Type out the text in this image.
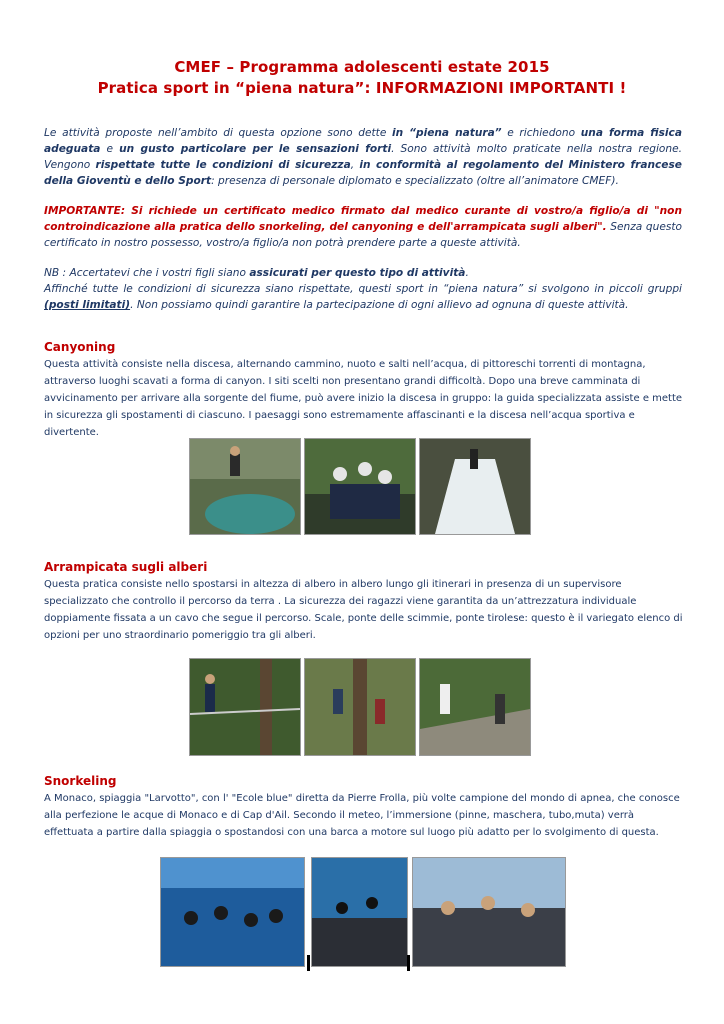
CMEF – Programma adolescenti estate 2015
Pratica sport in “piena natura”: INFORMAZIONI IMPORTANTI !
Le attività proposte nell’ambito di questa opzione sono dette in “piena natura” e richiedono una forma fisica adeguata e un gusto particolare per le sensazioni forti. Sono attività molto praticate nella nostra regione. Vengono rispettate tutte le condizioni di sicurezza, in conformità al regolamento del Ministero francese della Gioventù e dello Sport: presenza di personale diplomato e specializzato (oltre all’animatore CMEF).
IMPORTANTE: Si richiede un certificato medico firmato dal medico curante di vostro/a figlio/a di "non controindicazione alla pratica dello snorkeling, del canyoning e dell'arrampicata sugli alberi". Senza questo certificato in nostro possesso, vostro/a figlio/a non potrà prendere parte a queste attività.
NB : Accertatevi che i vostri figli siano assicurati per questo tipo di attività.
Affinché tutte le condizioni di sicurezza siano rispettate, questi sport in “piena natura” si svolgono in piccoli gruppi (posti limitati). Non possiamo quindi garantire la partecipazione di ogni allievo ad ognuna di queste attività.
Canyoning
Questa attività consiste nella discesa, alternando cammino, nuoto e salti nell’acqua, di pittoreschi torrenti di montagna, attraverso luoghi scavati a forma di canyon. I siti scelti non presentano grandi difficoltà. Dopo una breve camminata di avvicinamento per arrivare alla sorgente del fiume, può avere inizio la discesa in gruppo: la guida specializzata assiste e mette in sicurezza gli spostamenti di ciascuno. I paesaggi sono estremamente affascinanti e la discesa nell’acqua sportiva e divertente.
Arrampicata sugli alberi
Questa pratica consiste nello spostarsi in altezza di albero in albero lungo gli itinerari in presenza di un supervisore specializzato che controllo il percorso da terra . La sicurezza dei ragazzi viene garantita da un’attrezzatura individuale doppiamente fissata a un cavo che segue il percorso. Scale, ponte delle scimmie, ponte tirolese: questo è il variegato elenco di opzioni per uno straordinario pomeriggio tra gli alberi.
Snorkeling
A Monaco, spiaggia "Larvotto", con l' "Ecole blue" diretta da Pierre Frolla, più volte campione del mondo di apnea, che conosce alla perfezione le acque di Monaco e di Cap d'Ail. Secondo il meteo, l’immersione (pinne, maschera, tubo,muta) verrà effettuata a partire dalla spiaggia o spostandosi con una barca a motore sul luogo più adatto per lo svolgimento di questa.
